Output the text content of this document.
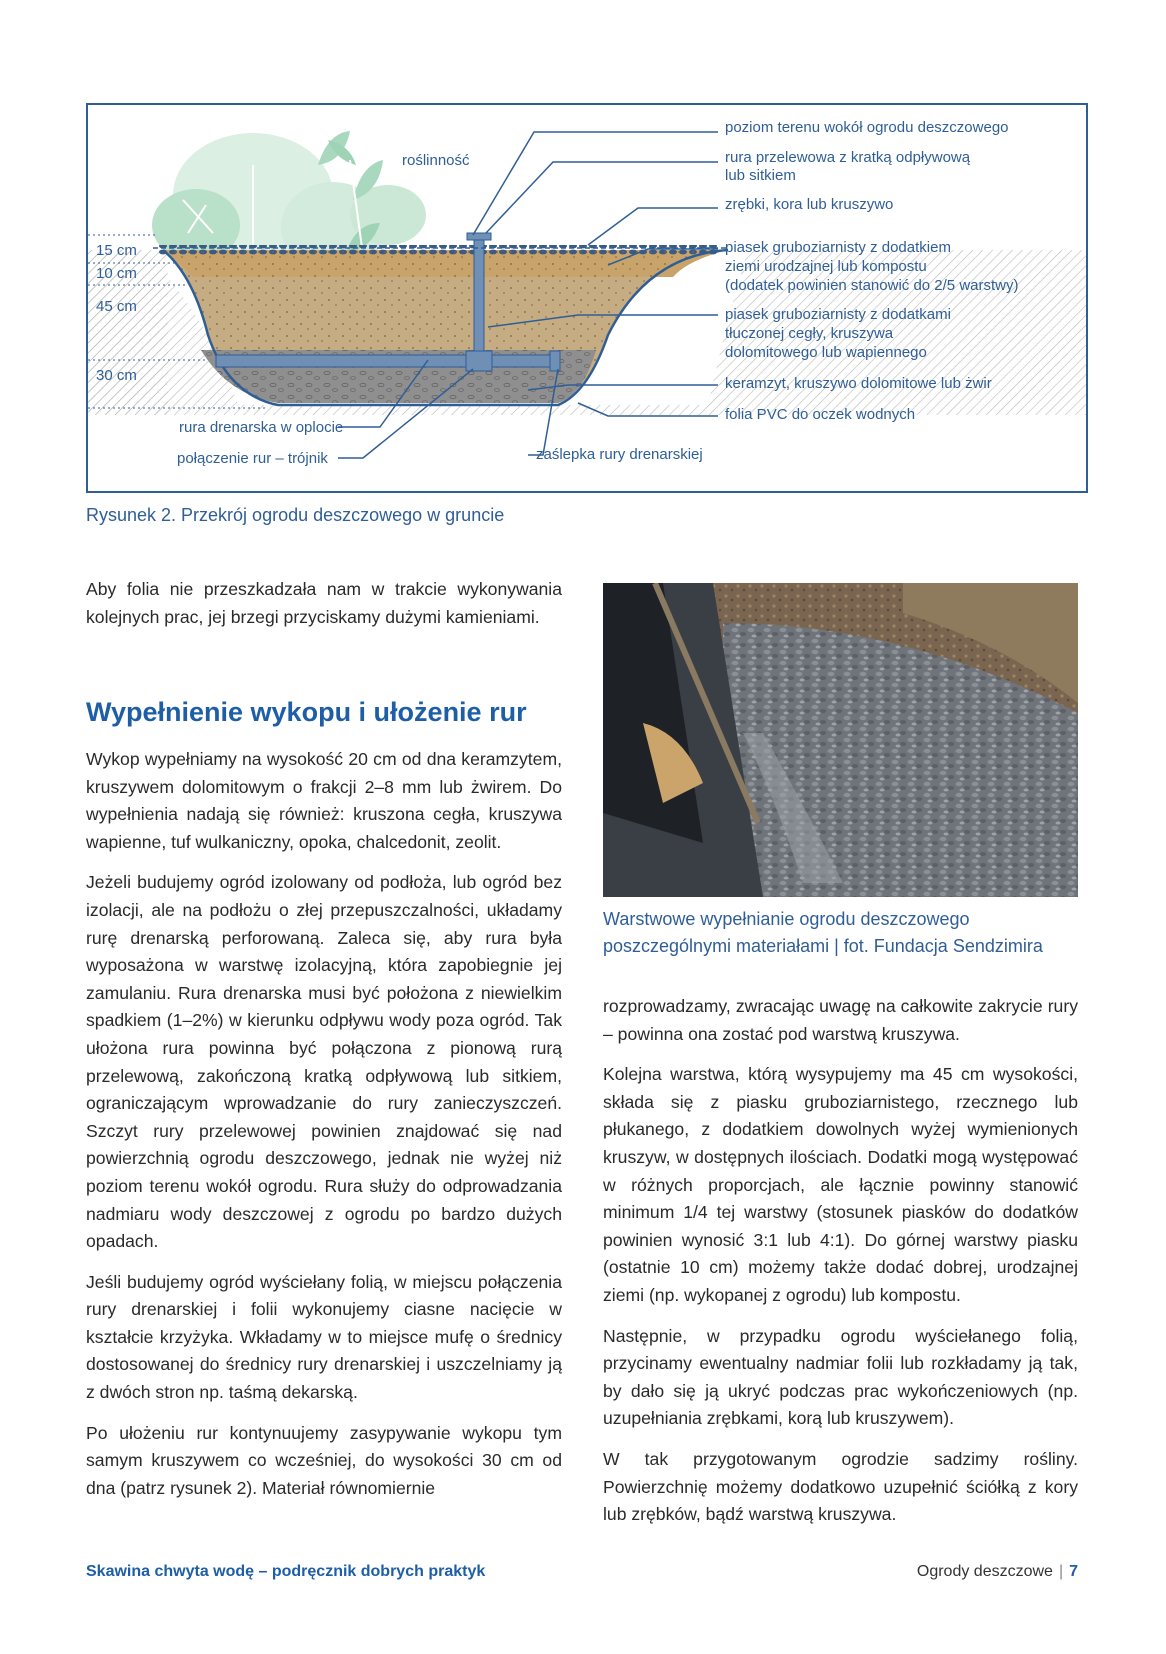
roślinność
poziom terenu wokół ogrodu deszczowego
rura przelewowa z kratką odpływową
lub sitkiem
zrębki, kora lub kruszywo
piasek gruboziarnisty z dodatkiem
ziemi urodzajnej lub kompostu
(dodatek powinien stanowić do 2/5 warstwy)
piasek gruboziarnisty z dodatkami
tłuczonej cegły, kruszywa
dolomitowego lub wapiennego
keramzyt, kruszywo dolomitowe lub żwir
folia PVC do oczek wodnych
rura drenarska w oplocie
połączenie rur – trójnik	zaślepka rury drenarskiej
15 cm
10 cm
45 cm
30 cm
Rysunek 2. Przekrój ogrodu deszczowego w gruncie

Aby folia nie przeszkadzała nam w trakcie wykonywania kolejnych prac, jej brzegi przyciskamy dużymi kamieniami.

Wypełnienie wykopu i ułożenie rur

Wykop wypełniamy na wysokość 20 cm od dna keramzytem, kruszywem dolomitowym o frakcji 2–8 mm lub żwirem. Do wypełnienia nadają się również: kruszona cegła, kruszywa wapienne, tuf wulkaniczny, opoka, chalcedonit, zeolit.

Jeżeli budujemy ogród izolowany od podłoża, lub ogród bez izolacji, ale na podłożu o złej przepuszczalności, układamy rurę drenarską perforowaną. Zaleca się, aby rura była wyposażona w warstwę izolacyjną, która zapobiegnie jej zamulaniu. Rura drenarska musi być położona z niewielkim spadkiem (1–2%) w kierunku odpływu wody poza ogród. Tak ułożona rura powinna być połączona z pionową rurą przelewową, zakończoną kratką odpływową lub sitkiem, ograniczającym wprowadzanie do rury zanieczyszczeń. Szczyt rury przelewowej powinien znajdować się nad powierzchnią ogrodu deszczowego, jednak nie wyżej niż poziom terenu wokół ogrodu. Rura służy do odprowadzania nadmiaru wody deszczowej z ogrodu po bardzo dużych opadach.

Jeśli budujemy ogród wyściełany folią, w miejscu połączenia rury drenarskiej i folii wykonujemy ciasne nacięcie w kształcie krzyżyka. Wkładamy w to miejsce mufę o średnicy dostosowanej do średnicy rury drenarskiej i uszczelniamy ją z dwóch stron np. taśmą dekarską.

Po ułożeniu rur kontynuujemy zasypywanie wykopu tym samym kruszywem co wcześniej, do wysokości 30 cm od dna (patrz rysunek 2). Materiał równomiernie

Warstwowe wypełnianie ogrodu deszczowego
poszczególnymi materiałami | fot. Fundacja Sendzimira

rozprowadzamy, zwracając uwagę na całkowite zakrycie rury – powinna ona zostać pod warstwą kruszywa.

Kolejna warstwa, którą wysypujemy ma 45 cm wysokości, składa się z piasku gruboziarnistego, rzecznego lub płukanego, z dodatkiem dowolnych wyżej wymienionych kruszyw, w dostępnych ilościach. Dodatki mogą występować w różnych proporcjach, ale łącznie powinny stanowić minimum 1/4 tej warstwy (stosunek piasków do dodatków powinien wynosić 3:1 lub 4:1). Do górnej warstwy piasku (ostatnie 10 cm) możemy także dodać dobrej, urodzajnej ziemi (np. wykopanej z ogrodu) lub kompostu.

Następnie, w przypadku ogrodu wyściełanego folią, przycinamy ewentualny nadmiar folii lub rozkładamy ją tak, by dało się ją ukryć podczas prac wykończeniowych (np. uzupełniania zrębkami, korą lub kruszywem).

W tak przygotowanym ogrodzie sadzimy rośliny. Powierzchnię możemy dodatkowo uzupełnić ściółką z kory lub zrębków, bądź warstwą kruszywa.

Skawina chwyta wodę – podręcznik dobrych praktyk	Ogrody deszczowe | 7
